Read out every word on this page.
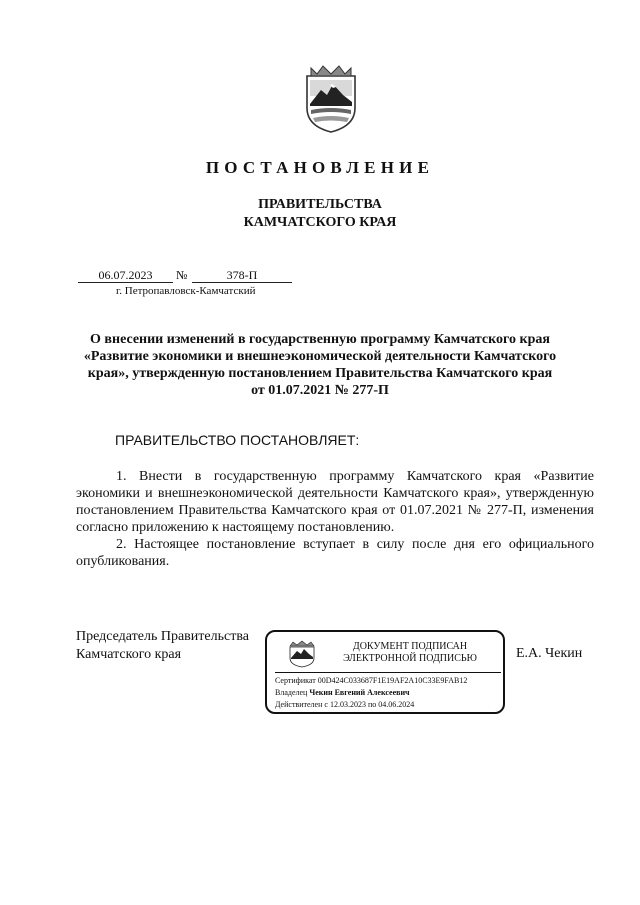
ПОСТАНОВЛЕНИЕ
ПРАВИТЕЛЬСТВА
КАМЧАТСКОГО КРАЯ
06.07.2023	№	378-П
г. Петропавловск-Камчатский
О внесении изменений в государственную программу Камчатского края
«Развитие экономики и внешнеэкономической деятельности Камчатского
края», утвержденную постановлением Правительства Камчатского края
от 01.07.2021 № 277-П
ПРАВИТЕЛЬСТВО ПОСТАНОВЛЯЕТ:

1. Внести в государственную программу Камчатского края «Развитие экономики и внешнеэкономической деятельности Камчатского края», утвержденную постановлением Правительства Камчатского края от 01.07.2021 № 277-П, изменения согласно приложению к настоящему постановлению.

2. Настоящее постановление вступает в силу после дня его официального опубликования.

Председатель Правительства
Камчатского края
ДОКУМЕНТ ПОДПИСАН
ЭЛЕКТРОННОЙ ПОДПИСЬЮ
Сертификат 00D424C033687F1E19AF2A10C33E9FAB12
Владелец Чекин Евгений Алексеевич
Действителен с 12.03.2023 по 04.06.2024
Е.А. Чекин
